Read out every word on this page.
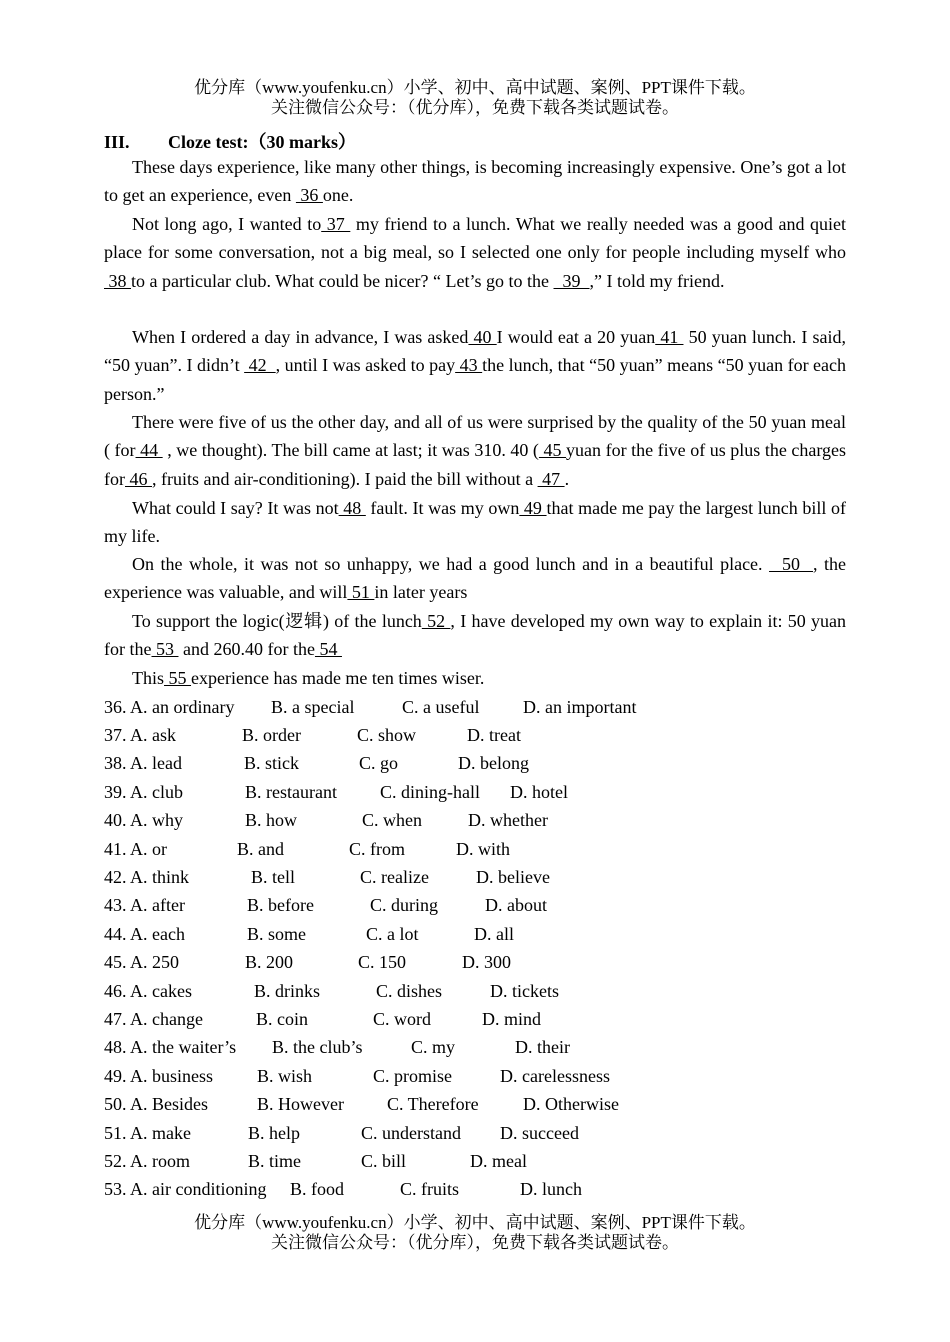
优分库（www.youfenku.cn）小学、初中、高中试题、案例、PPT课件下载。
关注微信公众号：（优分库），免费下载各类试题试卷。
III. Cloze test:（30 marks）
These days experience, like many other things, is becoming increasingly expensive. One’s got a lot to get an experience, even  36 one.
Not long ago, I wanted to 37  my friend to a lunch. What we really needed was a good and quiet place for some conversation, not a big meal, so I selected one only for people including myself who  38 to a particular club. What could be nicer? “ Let’s go to the   39  ,” I told my friend.
When I ordered a day in advance, I was asked 40 I would eat a 20 yuan 41  50 yuan lunch. I said, “50 yuan”. I didn’t  42  , until I was asked to pay 43 the lunch, that “50 yuan” means “50 yuan for each person.”
There were five of us the other day, and all of us were surprised by the quality of the 50 yuan meal ( for 44  , we thought). The bill came at last; it was 310. 40 ( 45 yuan for the five of us plus the charges for 46 , fruits and air-conditioning). I paid the bill without a  47 .
What could I say? It was not 48  fault. It was my own 49 that made me pay the largest lunch bill of my life.
On the whole, it was not so unhappy, we had a good lunch and in a beautiful place.   50  , the experience was valuable, and will 51 in later years
To support the logic(逻辑) of the lunch 52 , I have developed my own way to explain it: 50 yuan for the 53  and 260.40 for the 54
This 55 experience has made me ten times wiser.
36. A. an ordinary B. a special	C. a useful D. an important
37. A. ask	B. order	C. show	D. treat
38. A. lead	B. stick	C. go	D. belong
39. A. club	B. restaurant C. dining-hall D. hotel
40. A. why	B. how	C. when	D. whether
41. A. or	B. and	C. from	D. with
42. A. think	B. tell	C. realize	D. believe
43. A. after	B. before	C. during	D. about
44. A. each	B. some	C. a lot	D. all
45. A. 250	B. 200	C. 150	D. 300
46. A. cakes	B. drinks	C. dishes	D. tickets
47. A. change	B. coin	C. word	D. mind
48. A. the waiter’s B. the club’s	C. my	D. their
49. A. business B. wish	C. promise	D. carelessness
50. A. Besides	B. However C. Therefore D. Otherwise
51. A. make	B. help	C. understand D. succeed
52. A. room	B. time	C. bill	D. meal
53. A. air conditioning B. food	C. fruits	D. lunch
优分库（www.youfenku.cn）小学、初中、高中试题、案例、PPT课件下载。
关注微信公众号：（优分库），免费下载各类试题试卷。
